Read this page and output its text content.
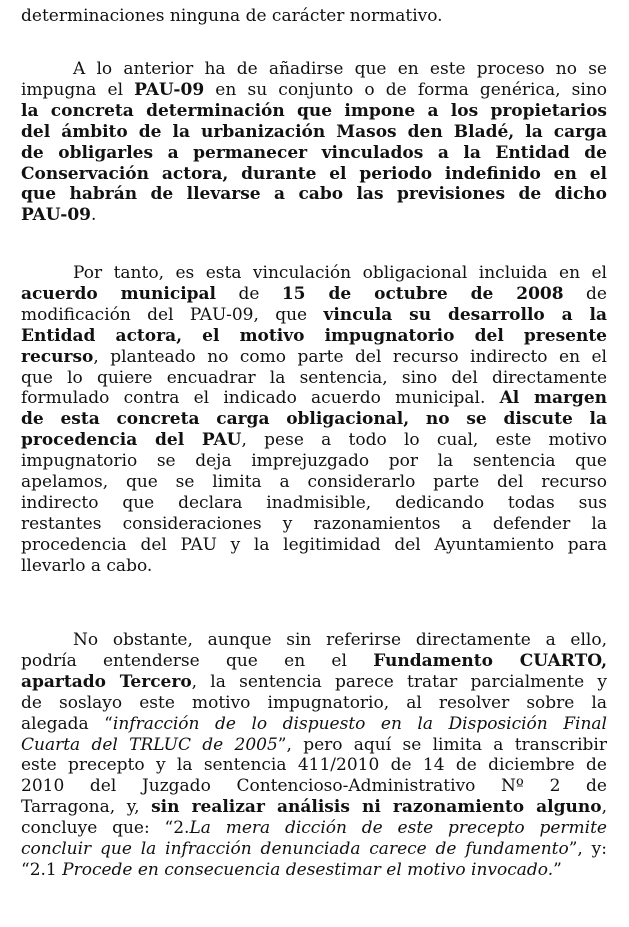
determinaciones ninguna de carácter normativo.
A lo anterior ha de añadirse que en este proceso no se
impugna el PAU-09 en su conjunto o de forma genérica, sino
la concreta determinación que impone a los propietarios
del ámbito de la urbanización Masos den Bladé, la carga
de obligarles a permanecer vinculados a la Entidad de
Conservación actora, durante el periodo indefinido en el
que habrán de llevarse a cabo las previsiones de dicho
PAU-09.
Por tanto, es esta vinculación obligacional incluida en el
acuerdo municipal de 15 de octubre de 2008 de
modificación del PAU-09, que vincula su desarrollo a la
Entidad actora, el motivo impugnatorio del presente
recurso, planteado no como parte del recurso indirecto en el
que lo quiere encuadrar la sentencia, sino del directamente
formulado contra el indicado acuerdo municipal. Al margen
de esta concreta carga obligacional, no se discute la
procedencia del PAU, pese a todo lo cual, este motivo
impugnatorio se deja imprejuzgado por la sentencia que
apelamos, que se limita a considerarlo parte del recurso
indirecto que declara inadmisible, dedicando todas sus
restantes consideraciones y razonamientos a defender la
procedencia del PAU y la legitimidad del Ayuntamiento para
llevarlo a cabo.
No obstante, aunque sin referirse directamente a ello,
podría entenderse que en el Fundamento CUARTO,
apartado Tercero, la sentencia parece tratar parcialmente y
de soslayo este motivo impugnatorio, al resolver sobre la
alegada “infracción de lo dispuesto en la Disposición Final
Cuarta del TRLUC de 2005”, pero aquí se limita a transcribir
este precepto y la sentencia 411/2010 de 14 de diciembre de
2010 del Juzgado Contencioso-Administrativo Nº 2 de
Tarragona, y, sin realizar análisis ni razonamiento alguno,
concluye que: “2.La mera dicción de este precepto permite
concluir que la infracción denunciada carece de fundamento”, y:
“2.1 Procede en consecuencia desestimar el motivo invocado.”
